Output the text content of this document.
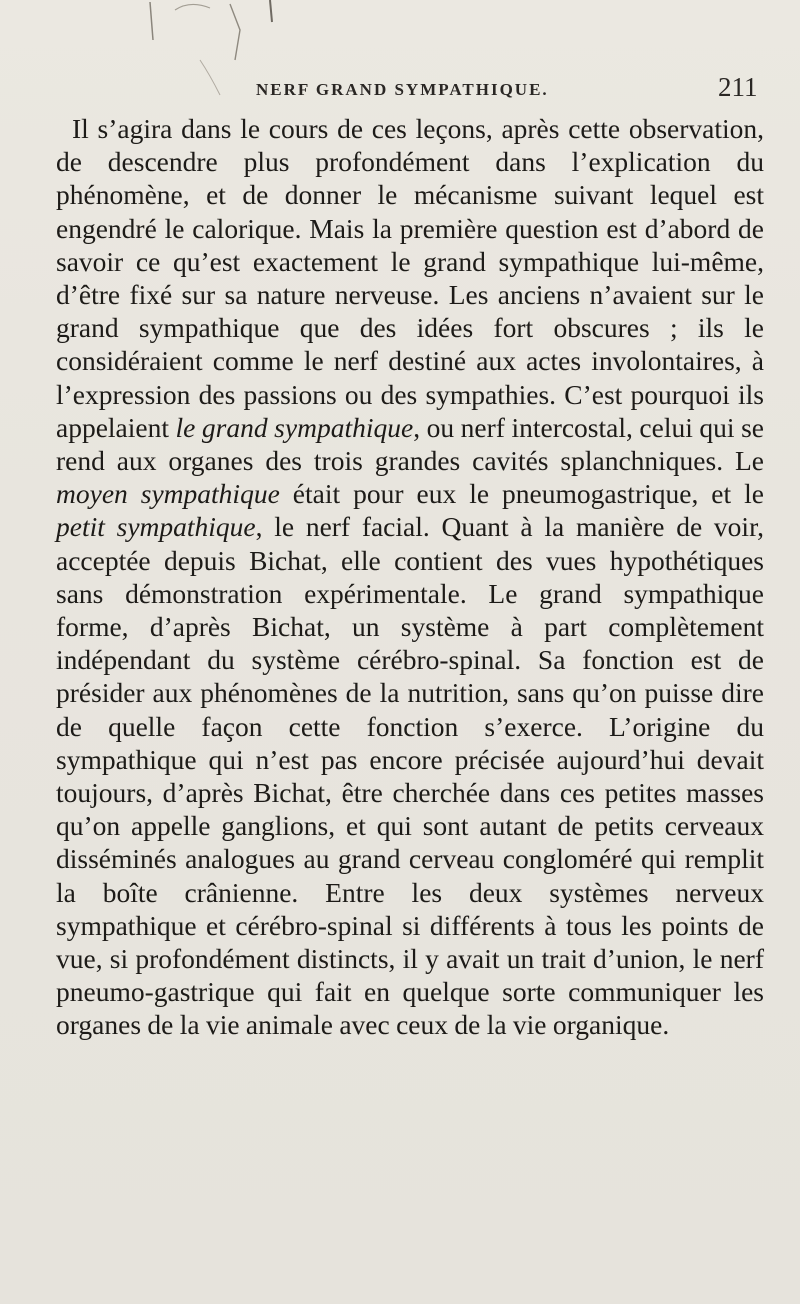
NERF GRAND SYMPATHIQUE.	211

Il s’agira dans le cours de ces leçons, après cette observation, de descendre plus profondément dans l’explication du phénomène, et de donner le mécanisme suivant lequel est engendré le calorique. Mais la première question est d’abord de savoir ce qu’est exactement le grand sympathique lui-même, d’être fixé sur sa nature nerveuse. Les anciens n’avaient sur le grand sympathique que des idées fort obscures ; ils le considéraient comme le nerf destiné aux actes involontaires, à l’expression des passions ou des sympathies. C’est pourquoi ils appelaient le grand sympathique, ou nerf intercostal, celui qui se rend aux organes des trois grandes cavités splanchniques. Le moyen sympathique était pour eux le pneumogastrique, et le petit sympathique, le nerf facial. Quant à la manière de voir, acceptée depuis Bichat, elle contient des vues hypothétiques sans démonstration expérimentale. Le grand sympathique forme, d’après Bichat, un système à part complètement indépendant du système cérébro-spinal. Sa fonction est de présider aux phénomènes de la nutrition, sans qu’on puisse dire de quelle façon cette fonction s’exerce. L’origine du sympathique qui n’est pas encore précisée aujourd’hui devait toujours, d’après Bichat, être cherchée dans ces petites masses qu’on appelle ganglions, et qui sont autant de petits cerveaux disséminés analogues au grand cerveau congloméré qui remplit la boîte crânienne. Entre les deux systèmes nerveux sympathique et cérébro-spinal si différents à tous les points de vue, si profondément distincts, il y avait un trait d’union, le nerf pneumo-gastrique qui fait en quelque sorte communiquer les organes de la vie animale avec ceux de la vie organique.
